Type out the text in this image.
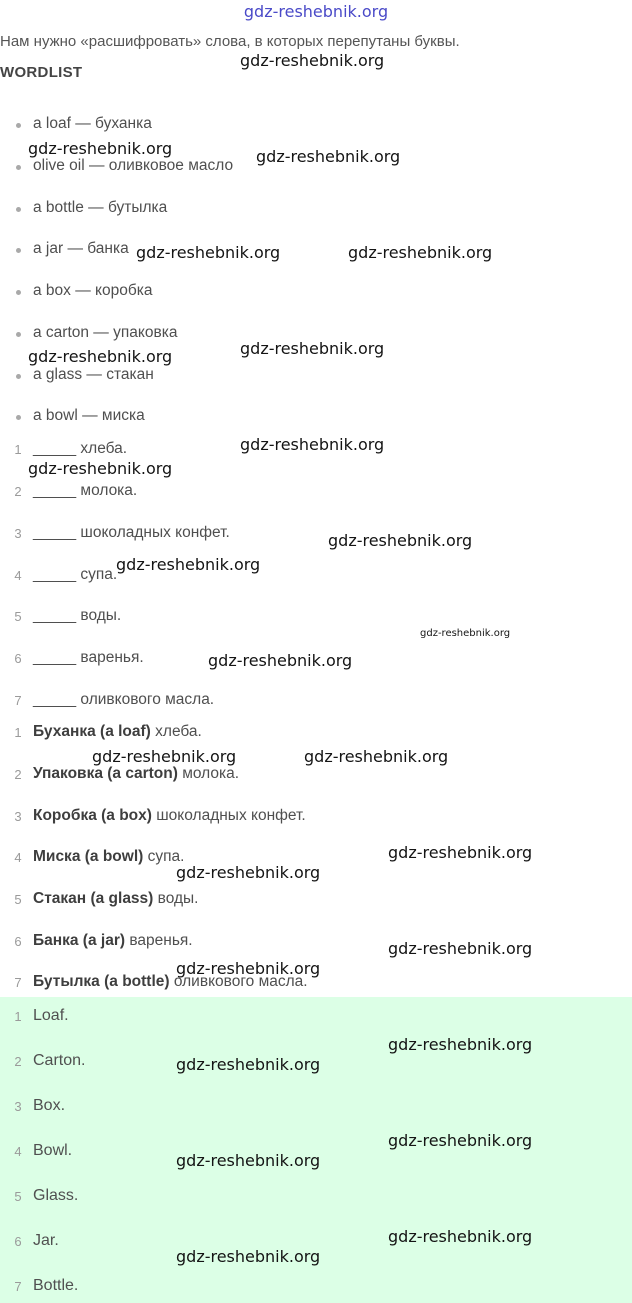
gdz-reshebnik.org
Нам нужно «расшифровать» слова, в которых перепутаны буквы.
WORDLIST
a loaf — буханка
olive oil — оливковое масло
a bottle — бутылка
a jar — банка
a box — коробка
a carton — упаковка
a glass — стакан
a bowl — миска
1 _____ хлеба.
2 _____ молока.
3 _____ шоколадных конфет.
4 _____ супа.
5 _____ воды.
6 _____ варенья.
7 _____ оливкового масла.
1 Буханка (a loaf) хлеба.
2 Упаковка (a carton) молока.
3 Коробка (a box) шоколадных конфет.
4 Миска (a bowl) супа.
5 Стакан (a glass) воды.
6 Банка (a jar) варенья.
7 Бутылка (a bottle) оливкового масла.
1 Loaf.
2 Carton.
3 Box.
4 Bowl.
5 Glass.
6 Jar.
7 Bottle.
gdz-reshebnik.org
gdz-reshebnik.org	gdz-reshebnik.org
gdz-reshebnik.org	gdz-reshebnik.org
gdz-reshebnik.org
gdz-reshebnik.org
gdz-reshebnik.org
gdz-reshebnik.org
gdz-reshebnik.org
gdz-reshebnik.org
gdz-reshebnik.org
gdz-reshebnik.org
gdz-reshebnik.org	gdz-reshebnik.org
gdz-reshebnik.org
gdz-reshebnik.org
gdz-reshebnik.org
gdz-reshebnik.org
gdz-reshebnik.org
gdz-reshebnik.org
gdz-reshebnik.org
gdz-reshebnik.org
gdz-reshebnik.org
gdz-reshebnik.org
